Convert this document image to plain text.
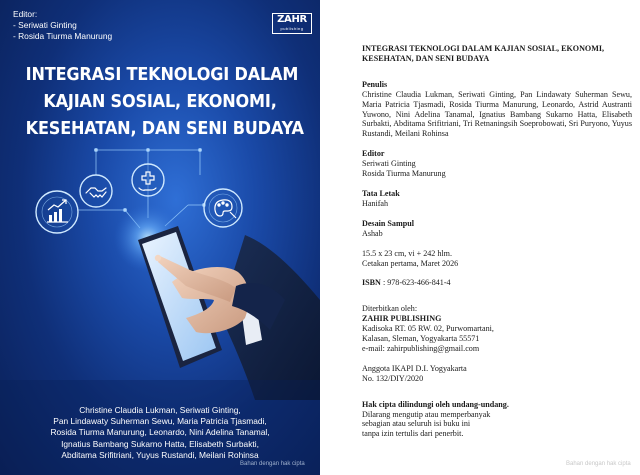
Editor:
- Seriwati Ginting
- Rosida Tiurma Manurung
ZAHR
publishing
INTEGRASI TEKNOLOGI DALAM
KAJIAN SOSIAL, EKONOMI,
KESEHATAN, DAN SENI BUDAYA
Christine Claudia Lukman, Seriwati Ginting,
Pan Lindawaty Suherman Sewu, Maria Patricia Tjasmadi,
Rosida Tiurma Manurung, Leonardo, Nini Adelina Tanamal,
Ignatius Bambang Sukarno Hatta, Elisabeth Surbakti,
Abditama Srifitriani, Yuyus Rustandi, Meilani Rohinsa
Bahan dengan hak cipta
INTEGRASI TEKNOLOGI DALAM KAJIAN SOSIAL, EKONOMI, KESEHATAN, DAN SENI BUDAYA
Penulis
Christine Claudia Lukman, Seriwati Ginting, Pan Lindawaty Suherman Sewu, Maria Patricia Tjasmadi, Rosida Tiurma Manurung, Leonardo, Astrid Austranti Yuwono, Nini Adelina Tanamal, Ignatius Bambang Sukarno Hatta, Elisabeth Surbakti, Abditama Srifitriani, Tri Retnaningsih Soeprobowati, Sri Puryono, Yuyus Rustandi, Meilani Rohinsa
Editor
Seriwati Ginting
Rosida Tiurma Manurung
Tata Letak
Hanifah
Desain Sampul
Ashab
15.5 x 23 cm, vi + 242 hlm.
Cetakan pertama, Maret 2026
ISBN : 978-623-466-841-4
Diterbitkan oleh:
ZAHIR PUBLISHING
Kadisoka RT. 05 RW. 02, Purwomartani,
Kalasan, Sleman, Yogyakarta 55571
e-mail: zahirpublishing@gmail.com
Anggota IKAPI D.I. Yogyakarta
No. 132/DIY/2020
Hak cipta dilindungi oleh undang-undang.
Dilarang mengutip atau memperbanyak
sebagian atau seluruh isi buku ini
tanpa izin tertulis dari penerbit.
Bahan dengan hak cipta
